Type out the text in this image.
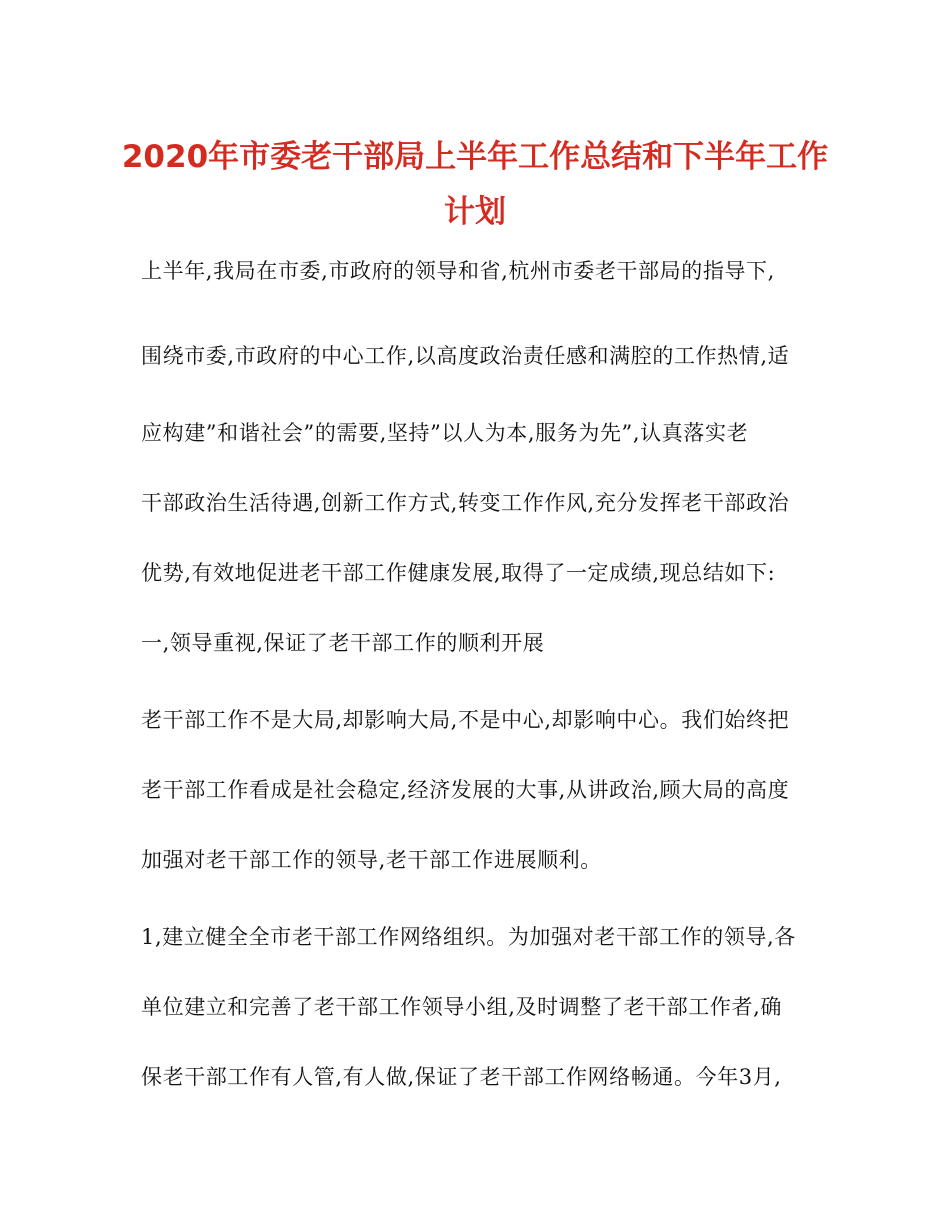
2020年市委老干部局上半年工作总结和下半年工作计划
上半年,我局在市委,市政府的领导和省,杭州市委老干部局的指导下,
围绕市委,市政府的中心工作,以高度政治责任感和满腔的工作热情,适
应构建”和谐社会”的需要,坚持”以人为本,服务为先”,认真落实老
干部政治生活待遇,创新工作方式,转变工作作风,充分发挥老干部政治
优势,有效地促进老干部工作健康发展,取得了一定成绩,现总结如下:
一,领导重视,保证了老干部工作的顺利开展
老干部工作不是大局,却影响大局,不是中心,却影响中心。我们始终把
老干部工作看成是社会稳定,经济发展的大事,从讲政治,顾大局的高度
加强对老干部工作的领导,老干部工作进展顺利。
1,建立健全全市老干部工作网络组织。为加强对老干部工作的领导,各
单位建立和完善了老干部工作领导小组,及时调整了老干部工作者,确
保老干部工作有人管,有人做,保证了老干部工作网络畅通。今年3月,
